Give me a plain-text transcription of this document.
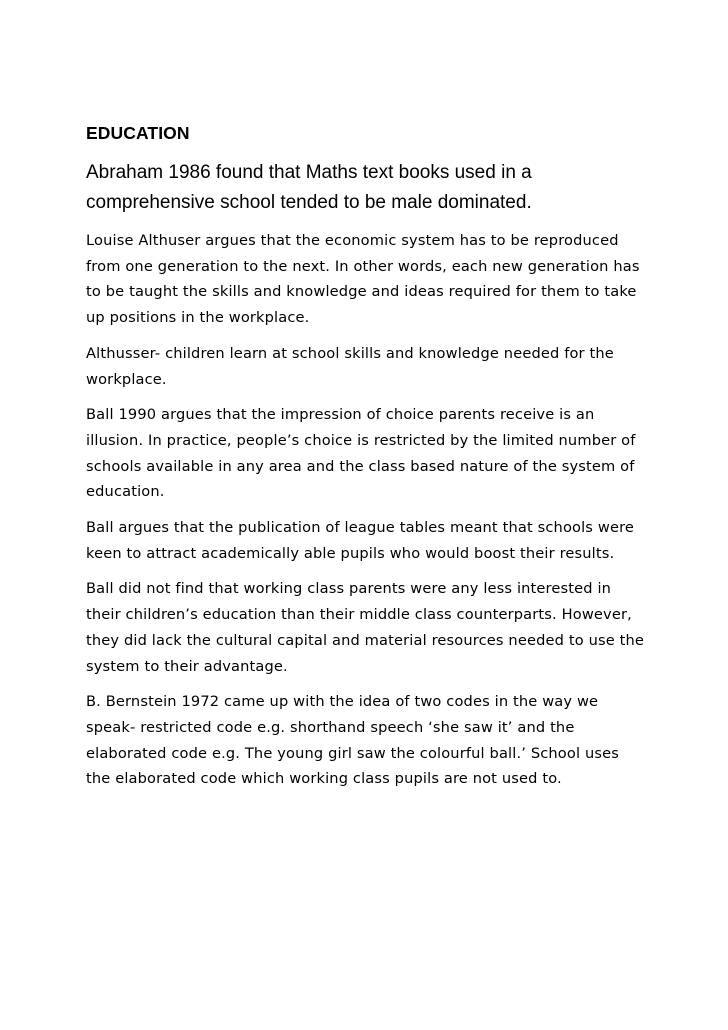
EDUCATION

Abraham 1986 found that Maths text books used in a comprehensive school tended to be male dominated.

Louise Althuser argues that the economic system has to be reproduced from one generation to the next. In other words, each new generation has to be taught the skills and knowledge and ideas required for them to take up positions in the workplace.

Althusser- children learn at school skills and knowledge needed for the workplace.

Ball 1990 argues that the impression of choice parents receive is an illusion. In practice, people’s choice is restricted by the limited number of schools available in any area and the class based nature of the system of education.

Ball argues that the publication of league tables meant that schools were keen to attract academically able pupils who would boost their results.

Ball did not find that working class parents were any less interested in their children’s education than their middle class counterparts. However, they did lack the cultural capital and material resources needed to use the system to their advantage.

B. Bernstein 1972 came up with the idea of two codes in the way we speak- restricted code e.g. shorthand speech ‘she saw it’ and the elaborated code e.g. The young girl saw the colourful ball.’ School uses the elaborated code which working class pupils are not used to.
